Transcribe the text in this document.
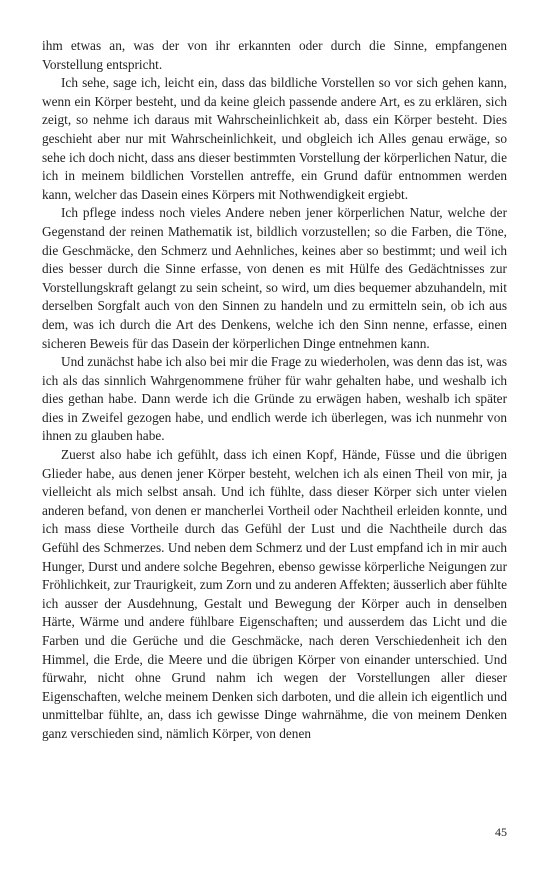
ihm etwas an, was der von ihr erkannten oder durch die Sinne, empfangenen Vorstellung entspricht.

Ich sehe, sage ich, leicht ein, dass das bildliche Vorstellen so vor sich gehen kann, wenn ein Körper besteht, und da keine gleich passende andere Art, es zu erklären, sich zeigt, so nehme ich daraus mit Wahrscheinlichkeit ab, dass ein Körper besteht. Dies geschieht aber nur mit Wahrscheinlichkeit, und obgleich ich Alles genau erwäge, so sehe ich doch nicht, dass ans dieser bestimmten Vorstellung der körperlichen Natur, die ich in meinem bildlichen Vorstellen antreffe, ein Grund dafür entnommen werden kann, welcher das Dasein eines Körpers mit Nothwendigkeit ergiebt.

Ich pflege indess noch vieles Andere neben jener körperlichen Natur, welche der Gegenstand der reinen Mathematik ist, bildlich vorzustellen; so die Farben, die Töne, die Geschmäcke, den Schmerz und Aehnliches, keines aber so bestimmt; und weil ich dies besser durch die Sinne erfasse, von denen es mit Hülfe des Gedächtnisses zur Vorstellungskraft gelangt zu sein scheint, so wird, um dies bequemer abzuhandeln, mit derselben Sorgfalt auch von den Sinnen zu handeln und zu ermitteln sein, ob ich aus dem, was ich durch die Art des Denkens, welche ich den Sinn nenne, erfasse, einen sicheren Beweis für das Dasein der körperlichen Dinge entnehmen kann.

Und zunächst habe ich also bei mir die Frage zu wiederholen, was denn das ist, was ich als das sinnlich Wahrgenommene früher für wahr gehalten habe, und weshalb ich dies gethan habe. Dann werde ich die Gründe zu erwägen haben, weshalb ich später dies in Zweifel gezogen habe, und endlich werde ich überlegen, was ich nunmehr von ihnen zu glauben habe.

Zuerst also habe ich gefühlt, dass ich einen Kopf, Hände, Füsse und die übrigen Glieder habe, aus denen jener Körper besteht, welchen ich als einen Theil von mir, ja vielleicht als mich selbst ansah. Und ich fühlte, dass dieser Körper sich unter vielen anderen befand, von denen er mancherlei Vortheil oder Nachtheil erleiden konnte, und ich mass diese Vortheile durch das Gefühl der Lust und die Nachtheile durch das Gefühl des Schmerzes. Und neben dem Schmerz und der Lust empfand ich in mir auch Hunger, Durst und andere solche Begehren, ebenso gewisse körperliche Neigungen zur Fröhlichkeit, zur Traurigkeit, zum Zorn und zu anderen Affekten; äusserlich aber fühlte ich ausser der Ausdehnung, Gestalt und Bewegung der Körper auch in denselben Härte, Wärme und andere fühlbare Eigenschaften; und ausserdem das Licht und die Farben und die Gerüche und die Geschmäcke, nach deren Verschiedenheit ich den Himmel, die Erde, die Meere und die übrigen Körper von einander unterschied. Und fürwahr, nicht ohne Grund nahm ich wegen der Vorstellungen aller dieser Eigenschaften, welche meinem Denken sich darboten, und die allein ich eigentlich und unmittelbar fühlte, an, dass ich gewisse Dinge wahrnähme, die von meinem Denken ganz verschieden sind, nämlich Körper, von denen

45
